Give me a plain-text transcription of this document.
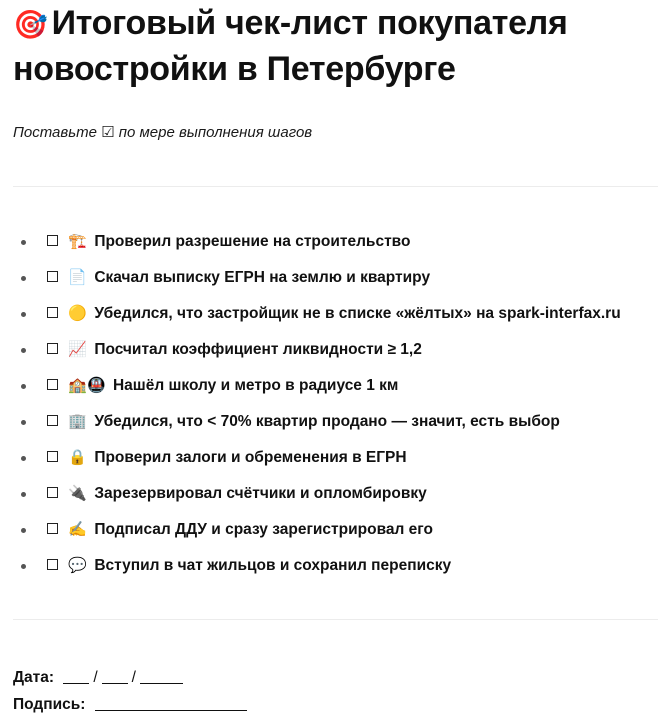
🎯 Итоговый чек-лист покупателя новостройки в Петербурге

Поставьте ☑ по мере выполнения шагов

🏗️ Проверил разрешение на строительство
📄 Скачал выписку ЕГРН на землю и квартиру
🟡 Убедился, что застройщик не в списке «жёлтых» на spark-interfax.ru
📈 Посчитал коэффициент ликвидности ≥ 1,2
🏫🚇 Нашёл школу и метро в радиусе 1 км
🏢 Убедился, что < 70% квартир продано — значит, есть выбор
🔒 Проверил залоги и обременения в ЕГРН
🔌 Зарезервировал счётчики и опломбировку
✍️ Подписал ДДУ и сразу зарегистрировал его
💬 Вступил в чат жильцов и сохранил переписку
Дата:	/ /
Подпись:
